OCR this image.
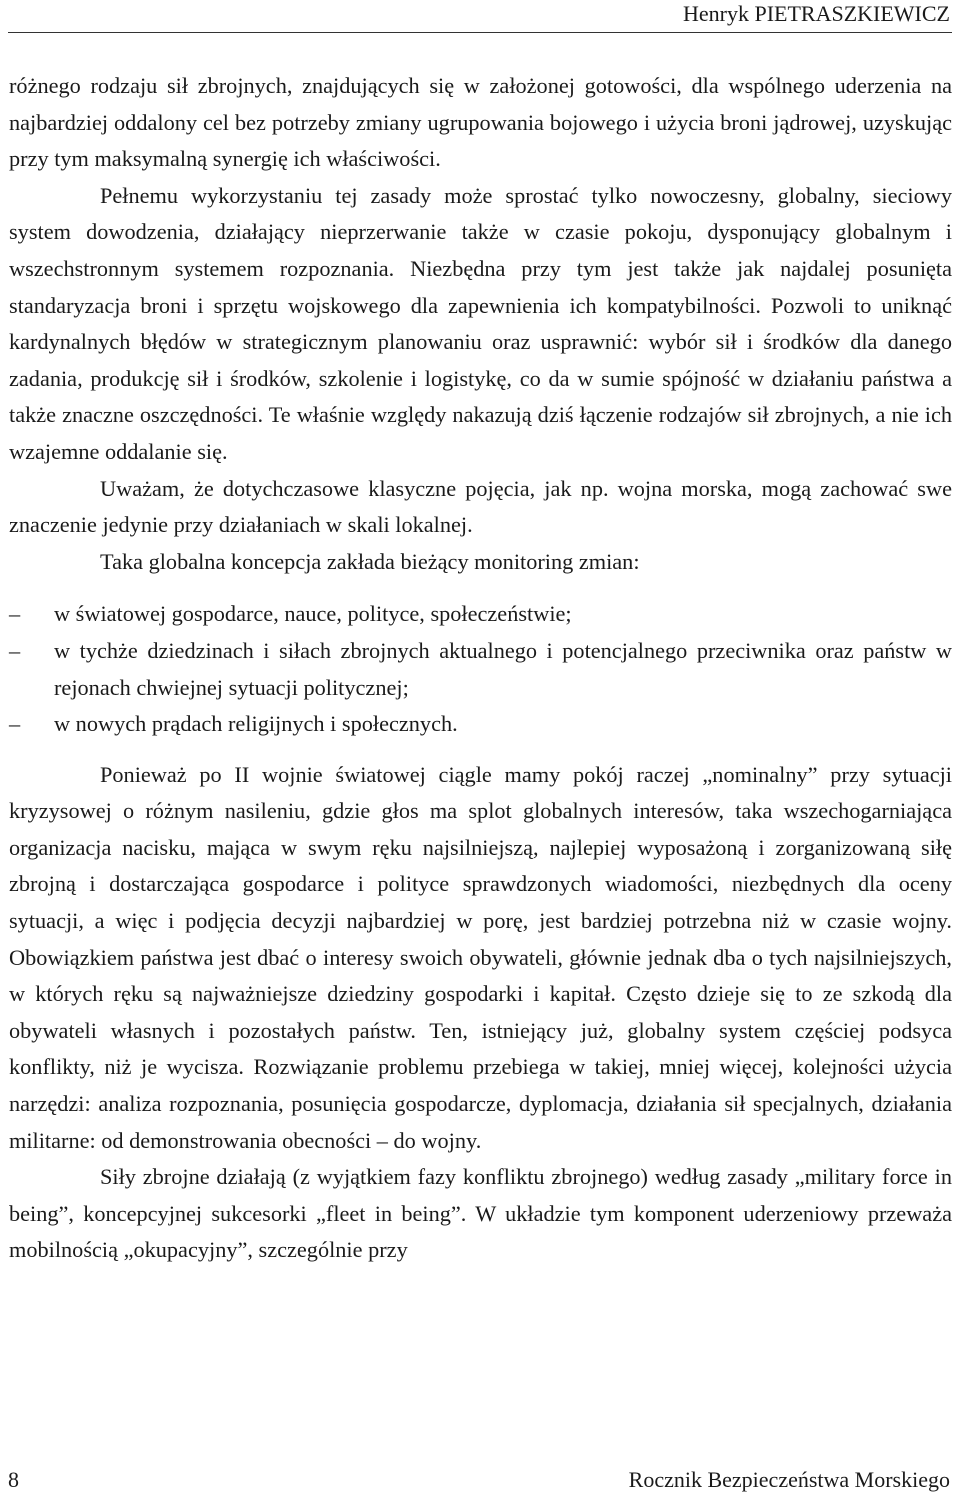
Henryk PIETRASZKIEWICZ

różnego rodzaju sił zbrojnych, znajdujących się w założonej gotowości, dla wspólnego uderzenia na najbardziej oddalony cel bez potrzeby zmiany ugrupowania bojowego i użycia broni jądrowej, uzyskując przy tym maksymalną synergię ich właściwości.

Pełnemu wykorzystaniu tej zasady może sprostać tylko nowoczesny, globalny, sieciowy system dowodzenia, działający nieprzerwanie także w czasie pokoju, dysponujący globalnym i wszechstronnym systemem rozpoznania. Niezbędna przy tym jest także jak najdalej posunięta standaryzacja broni i sprzętu wojskowego dla zapewnienia ich kompatybilności. Pozwoli to uniknąć kardynalnych błędów w strategicznym planowaniu oraz usprawnić: wybór sił i środków dla danego zadania, produkcję sił i środków, szkolenie i logistykę, co da w sumie spójność w działaniu państwa a także znaczne oszczędności. Te właśnie względy nakazują dziś łączenie rodzajów sił zbrojnych, a nie ich wzajemne oddalanie się.

Uważam, że dotychczasowe klasyczne pojęcia, jak np. wojna morska, mogą zachować swe znaczenie jedynie przy działaniach w skali lokalnej.

Taka globalna koncepcja zakłada bieżący monitoring zmian:

–	w światowej gospodarce, nauce, polityce, społeczeństwie;
–	w tychże dziedzinach i siłach zbrojnych aktualnego i potencjalnego przeciwnika oraz państw w rejonach chwiejnej sytuacji politycznej;
–	w nowych prądach religijnych i społecznych.

Ponieważ po II wojnie światowej ciągle mamy pokój raczej „nominalny” przy sytuacji kryzysowej o różnym nasileniu, gdzie głos ma splot globalnych interesów, taka wszechogarniająca organizacja nacisku, mająca w swym ręku najsilniejszą, najlepiej wyposażoną i zorganizowaną siłę zbrojną i dostarczająca gospodarce i polityce sprawdzonych wiadomości, niezbędnych dla oceny sytuacji, a więc i podjęcia decyzji najbardziej w porę, jest bardziej potrzebna niż w czasie wojny. Obowiązkiem państwa jest dbać o interesy swoich obywateli, głównie jednak dba o tych najsilniejszych, w których ręku są najważniejsze dziedziny gospodarki i kapitał. Często dzieje się to ze szkodą dla obywateli własnych i pozostałych państw. Ten, istniejący już, globalny system częściej podsyca konflikty, niż je wycisza. Rozwiązanie problemu przebiega w takiej, mniej więcej, kolejności użycia narzędzi: analiza rozpoznania, posunięcia gospodarcze, dyplomacja, działania sił specjalnych, działania militarne: od demonstrowania obecności – do wojny.

Siły zbrojne działają (z wyjątkiem fazy konfliktu zbrojnego) według zasady „military force in being”, koncepcyjnej sukcesorki „fleet in being”. W układzie tym komponent uderzeniowy przeważa mobilnością „okupacyjny”, szczególnie przy

8	Rocznik Bezpieczeństwa Morskiego
